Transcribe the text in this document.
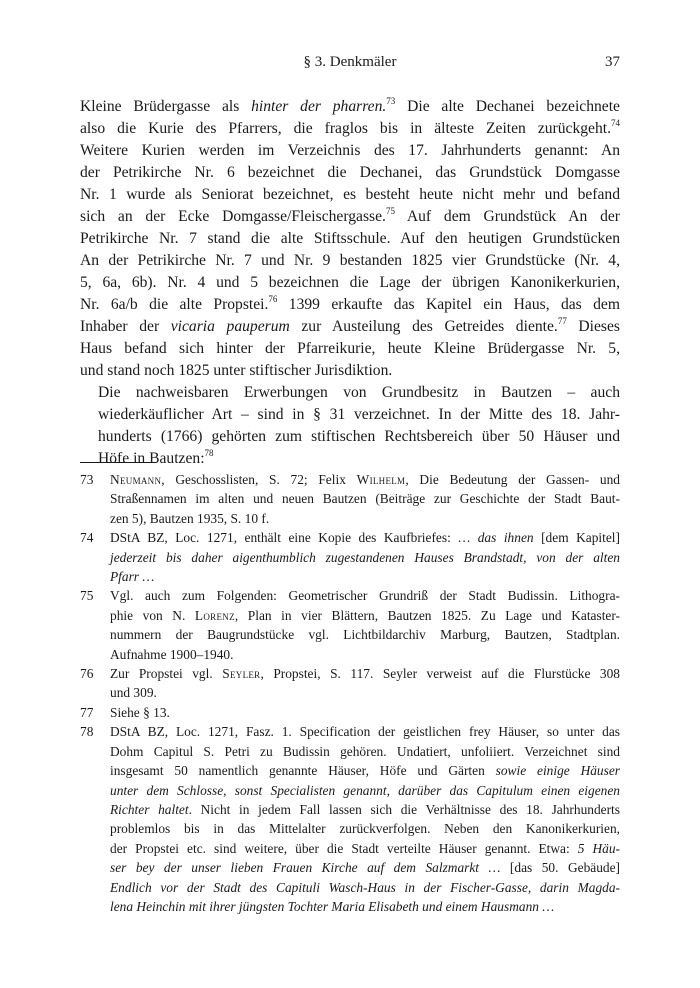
§ 3. Denkmäler	37

Kleine Brüdergasse als hinter der pharren.$^{73}$ Die alte Dechanei bezeichnete
also die Kurie des Pfarrers, die fraglos bis in älteste Zeiten zurückgeht.$^{74}$
Weitere Kurien werden im Verzeichnis des 17. Jahrhunderts genannt: An
der Petrikirche Nr. 6 bezeichnet die Dechanei, das Grundstück Domgasse
Nr. 1 wurde als Seniorat bezeichnet, es besteht heute nicht mehr und befand
sich an der Ecke Domgasse/Fleischergasse.$^{75}$ Auf dem Grundstück An der
Petrikirche Nr. 7 stand die alte Stiftsschule. Auf den heutigen Grundstücken
An der Petrikirche Nr. 7 und Nr. 9 bestanden 1825 vier Grundstücke (Nr. 4,
5, 6a, 6b). Nr. 4 und 5 bezeichnen die Lage der übrigen Kanonikerkurien,
Nr. 6a/b die alte Propstei.$^{76}$ 1399 erkaufte das Kapitel ein Haus, das dem
Inhaber der vicaria pauperum zur Austeilung des Getreides diente.$^{77}$ Dieses
Haus befand sich hinter der Pfarreikurie, heute Kleine Brüdergasse Nr. 5,
und stand noch 1825 unter stiftischer Jurisdiktion.

Die nachweisbaren Erwerbungen von Grundbesitz in Bautzen – auch
wiederkäuflicher Art – sind in § 31 verzeichnet. In der Mitte des 18. Jahr-
hunderts (1766) gehörten zum stiftischen Rechtsbereich über 50 Häuser und
Höfe in Bautzen:$^{78}$

73 Neumann, Geschosslisten, S. 72; Felix Wilhelm, Die Bedeutung der Gassen- und
Straßennamen im alten und neuen Bautzen (Beiträge zur Geschichte der Stadt Baut-
zen 5), Bautzen 1935, S. 10 f.
74 DStA BZ, Loc. 1271, enthält eine Kopie des Kaufbriefes: … das ihnen [dem Kapitel]
jederzeit bis daher aigenthumblich zugestandenen Hauses Brandstadt, von der alten
Pfarr …
75 Vgl. auch zum Folgenden: Geometrischer Grundriß der Stadt Budissin. Lithogra-
phie von N. Lorenz, Plan in vier Blättern, Bautzen 1825. Zu Lage und Kataster-
nummern der Baugrundstücke vgl. Lichtbildarchiv Marburg, Bautzen, Stadtplan.
Aufnahme 1900–1940.
76 Zur Propstei vgl. Seyler, Propstei, S. 117. Seyler verweist auf die Flurstücke 308
und 309.
77 Siehe § 13.
78 DStA BZ, Loc. 1271, Fasz. 1. Specification der geistlichen frey Häuser, so unter das
Dohm Capitul S. Petri zu Budissin gehören. Undatiert, unfoliiert. Verzeichnet sind
insgesamt 50 namentlich genannte Häuser, Höfe und Gärten sowie einige Häuser
unter dem Schlosse, sonst Specialisten genannt, darüber das Capitulum einen eigenen
Richter haltet. Nicht in jedem Fall lassen sich die Verhältnisse des 18. Jahrhunderts
problemlos bis in das Mittelalter zurückverfolgen. Neben den Kanonikerkurien,
der Propstei etc. sind weitere, über die Stadt verteilte Häuser genannt. Etwa: 5 Häu-
ser bey der unser lieben Frauen Kirche auf dem Salzmarkt … [das 50. Gebäude]
Endlich vor der Stadt des Capituli Wasch-Haus in der Fischer-Gasse, darin Magda-
lena Heinchin mit ihrer jüngsten Tochter Maria Elisabeth und einem Hausmann …
